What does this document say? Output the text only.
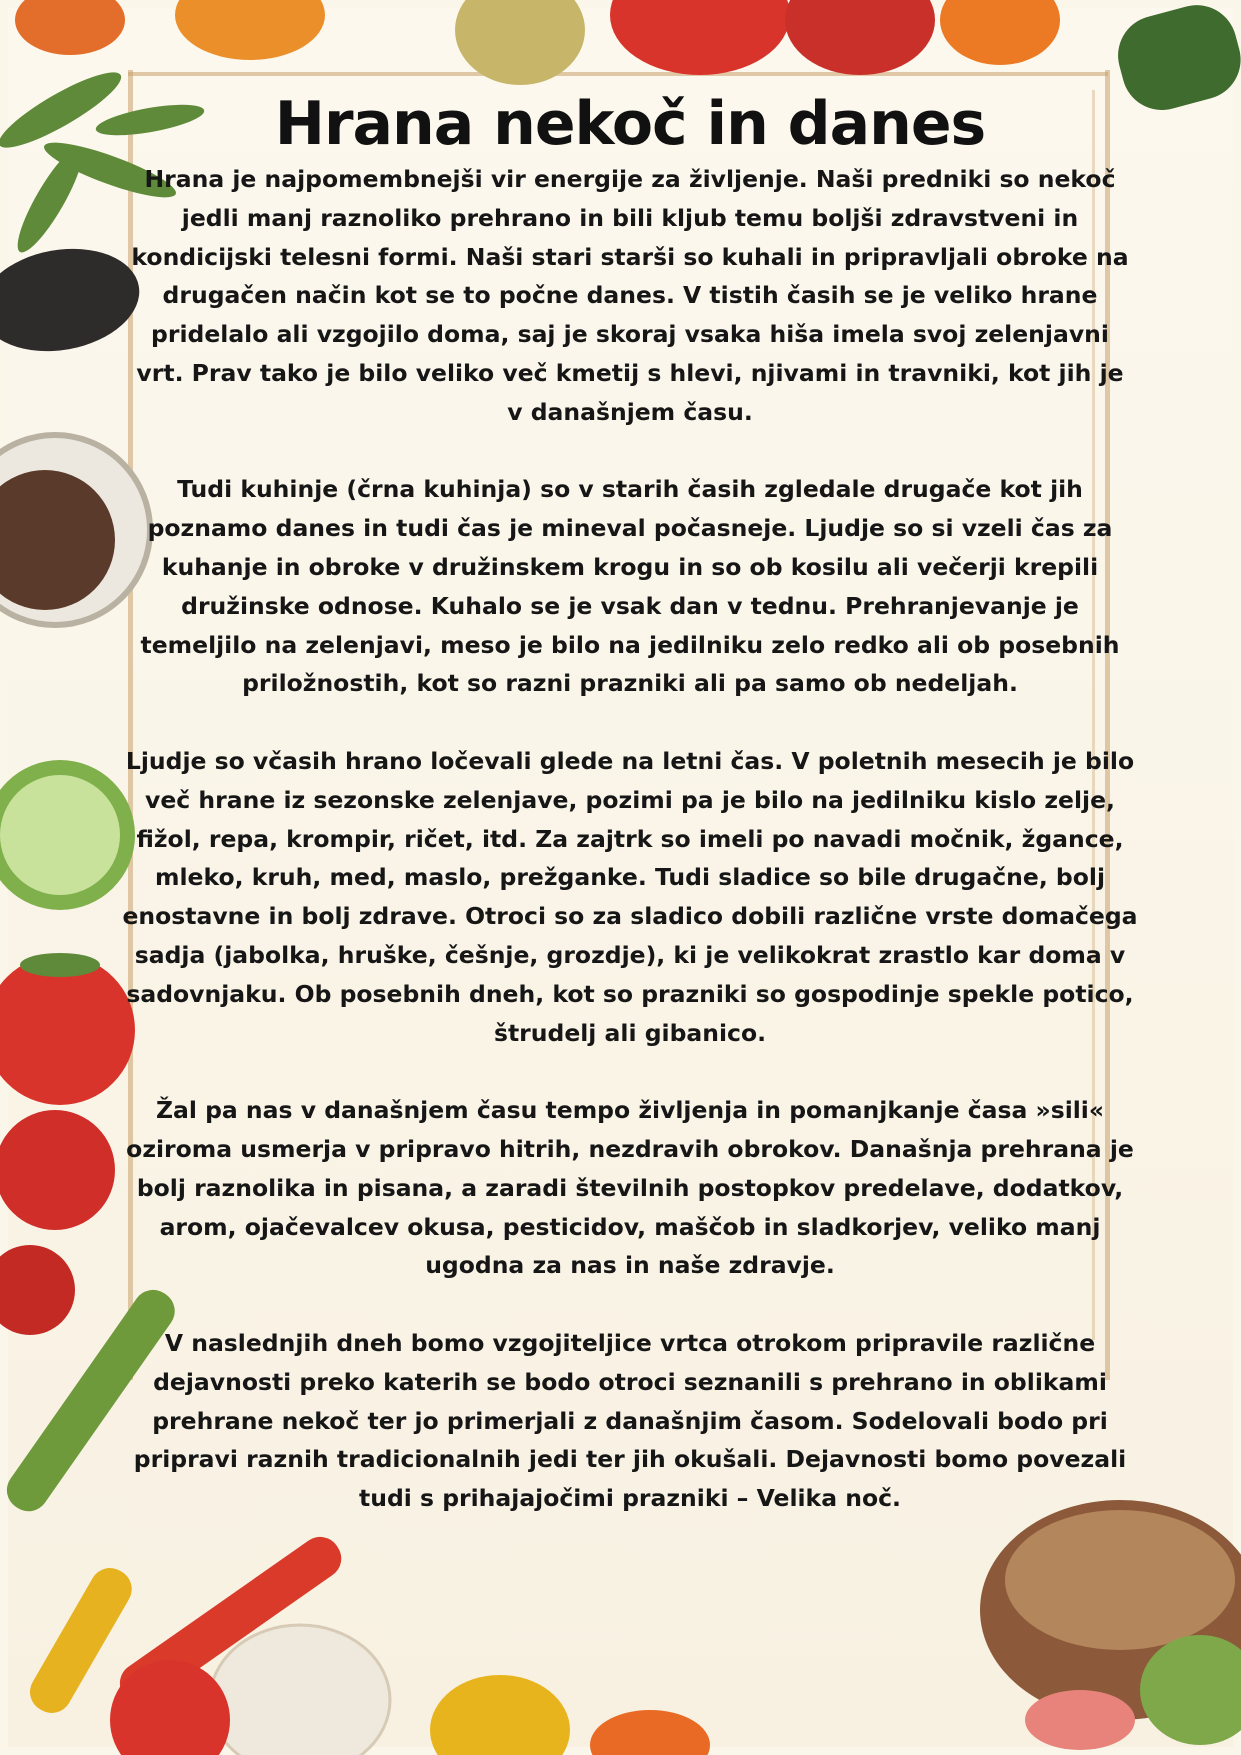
Hrana nekoč in danes

Hrana je najpomembnejši vir energije za življenje. Naši predniki so nekoč jedli manj raznoliko prehrano in bili kljub temu boljši zdravstveni in kondicijski telesni formi. Naši stari starši so kuhali in pripravljali obroke na drugačen način kot se to počne danes. V tistih časih se je veliko hrane pridelalo ali vzgojilo doma, saj je skoraj vsaka hiša imela svoj zelenjavni vrt. Prav tako je bilo veliko več kmetij s hlevi, njivami in travniki, kot jih je v današnjem času.

Tudi kuhinje (črna kuhinja) so v starih časih zgledale drugače kot jih poznamo danes in tudi čas je mineval počasneje. Ljudje so si vzeli čas za kuhanje in obroke v družinskem krogu in so ob kosilu ali večerji krepili družinske odnose. Kuhalo se je vsak dan v tednu. Prehranjevanje je temeljilo na zelenjavi, meso je bilo na jedilniku zelo redko ali ob posebnih priložnostih, kot so razni prazniki ali pa samo ob nedeljah.

Ljudje so včasih hrano ločevali glede na letni čas. V poletnih mesecih je bilo več hrane iz sezonske zelenjave, pozimi pa je bilo na jedilniku kislo zelje, fižol, repa, krompir, ričet, itd. Za zajtrk so imeli po navadi močnik, žgance, mleko, kruh, med, maslo, prežganke. Tudi sladice so bile drugačne, bolj enostavne in bolj zdrave. Otroci so za sladico dobili različne vrste domačega sadja (jabolka, hruške, češnje, grozdje), ki je velikokrat zrastlo kar doma v sadovnjaku. Ob posebnih dneh, kot so prazniki so gospodinje spekle potico, štrudelj ali gibanico.

Žal pa nas v današnjem času tempo življenja in pomanjkanje časa »sili« oziroma usmerja v pripravo hitrih, nezdravih obrokov. Današnja prehrana je bolj raznolika in pisana, a zaradi številnih postopkov predelave, dodatkov, arom, ojačevalcev okusa, pesticidov, maščob in sladkorjev, veliko manj ugodna za nas in naše zdravje.

V naslednjih dneh bomo vzgojiteljice vrtca otrokom pripravile različne dejavnosti preko katerih se bodo otroci seznanili s prehrano in oblikami prehrane nekoč ter jo primerjali z današnjim časom. Sodelovali bodo pri pripravi raznih tradicionalnih jedi ter jih okušali. Dejavnosti bomo povezali tudi s prihajajočimi prazniki – Velika noč.
